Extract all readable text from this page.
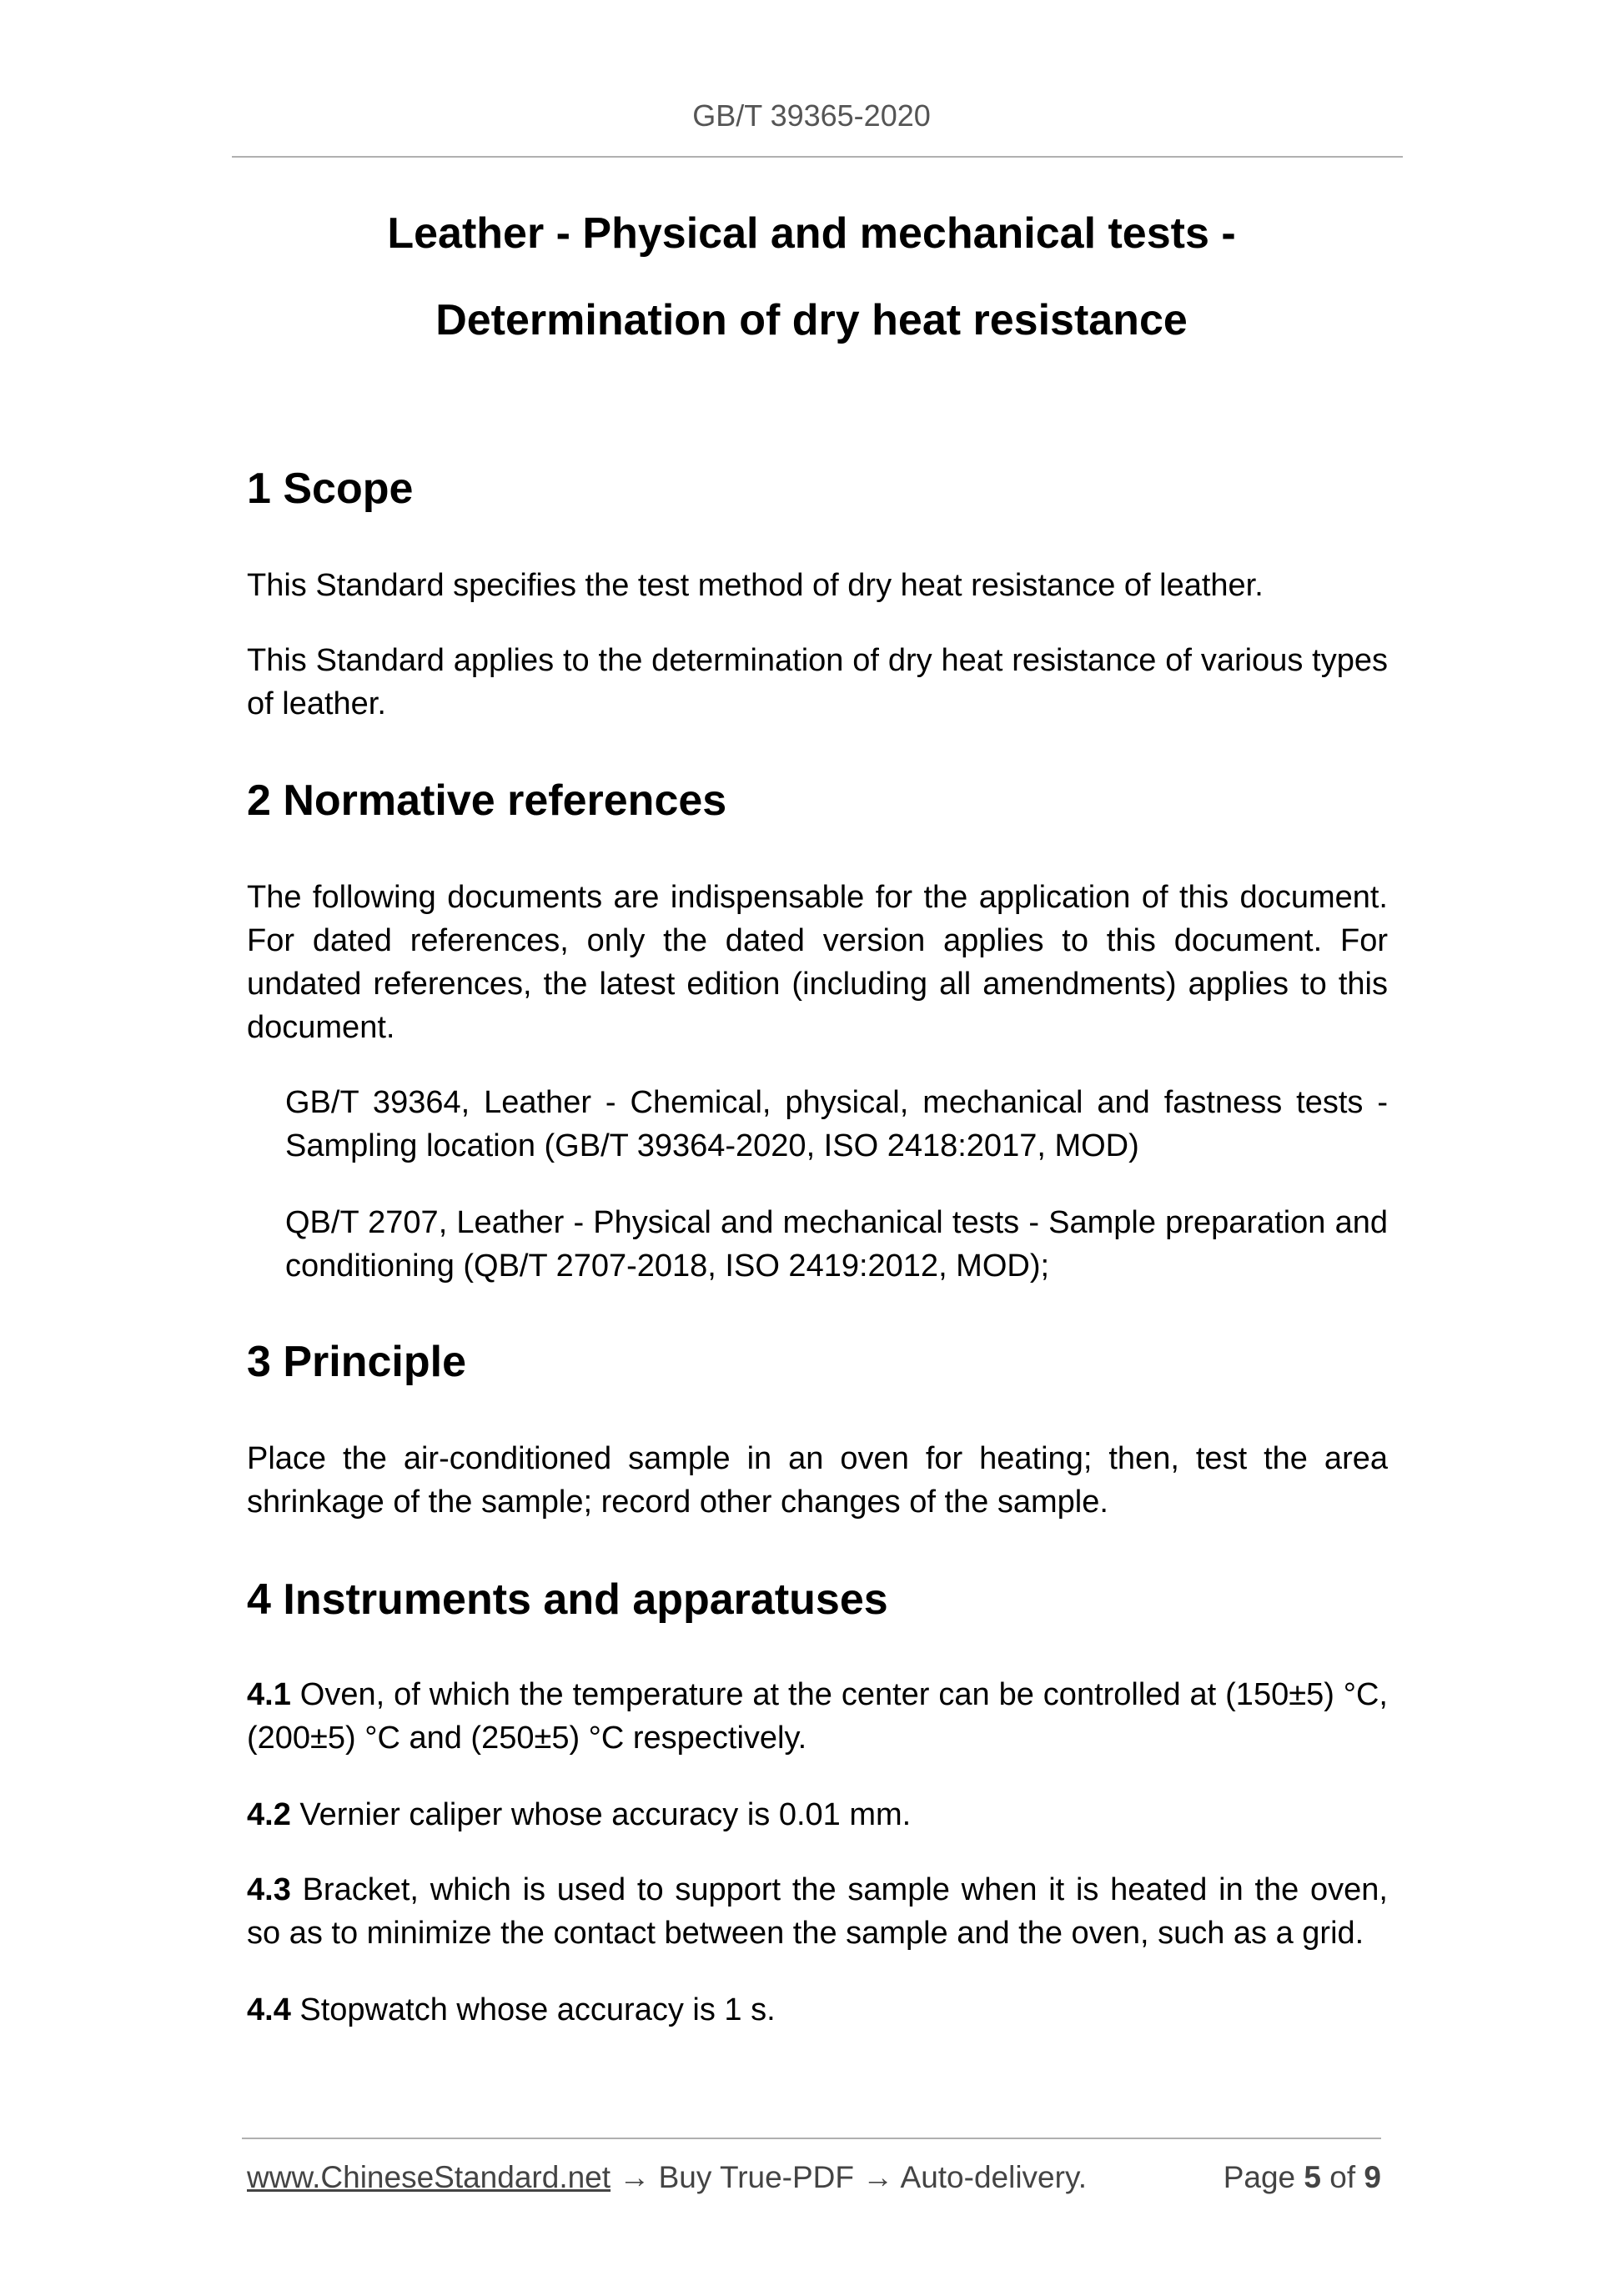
GB/T 39365-2020
Leather - Physical and mechanical tests -
Determination of dry heat resistance
1 Scope

This Standard specifies the test method of dry heat resistance of leather.

This Standard applies to the determination of dry heat resistance of various types of leather.

2 Normative references

The following documents are indispensable for the application of this document. For dated references, only the dated version applies to this document. For undated references, the latest edition (including all amendments) applies to this document.

GB/T 39364, Leather - Chemical, physical, mechanical and fastness tests - Sampling location (GB/T 39364-2020, ISO 2418:2017, MOD)

QB/T 2707, Leather - Physical and mechanical tests - Sample preparation and conditioning (QB/T 2707-2018, ISO 2419:2012, MOD);

3 Principle

Place the air-conditioned sample in an oven for heating; then, test the area shrinkage of the sample; record other changes of the sample.

4 Instruments and apparatuses

4.1 Oven, of which the temperature at the center can be controlled at (150±5) °C, (200±5) °C and (250±5) °C respectively.

4.2 Vernier caliper whose accuracy is 0.01 mm.

4.3 Bracket, which is used to support the sample when it is heated in the oven, so as to minimize the contact between the sample and the oven, such as a grid.

4.4 Stopwatch whose accuracy is 1 s.

www.ChineseStandard.net → Buy True-PDF → Auto-delivery.	Page 5 of 9
